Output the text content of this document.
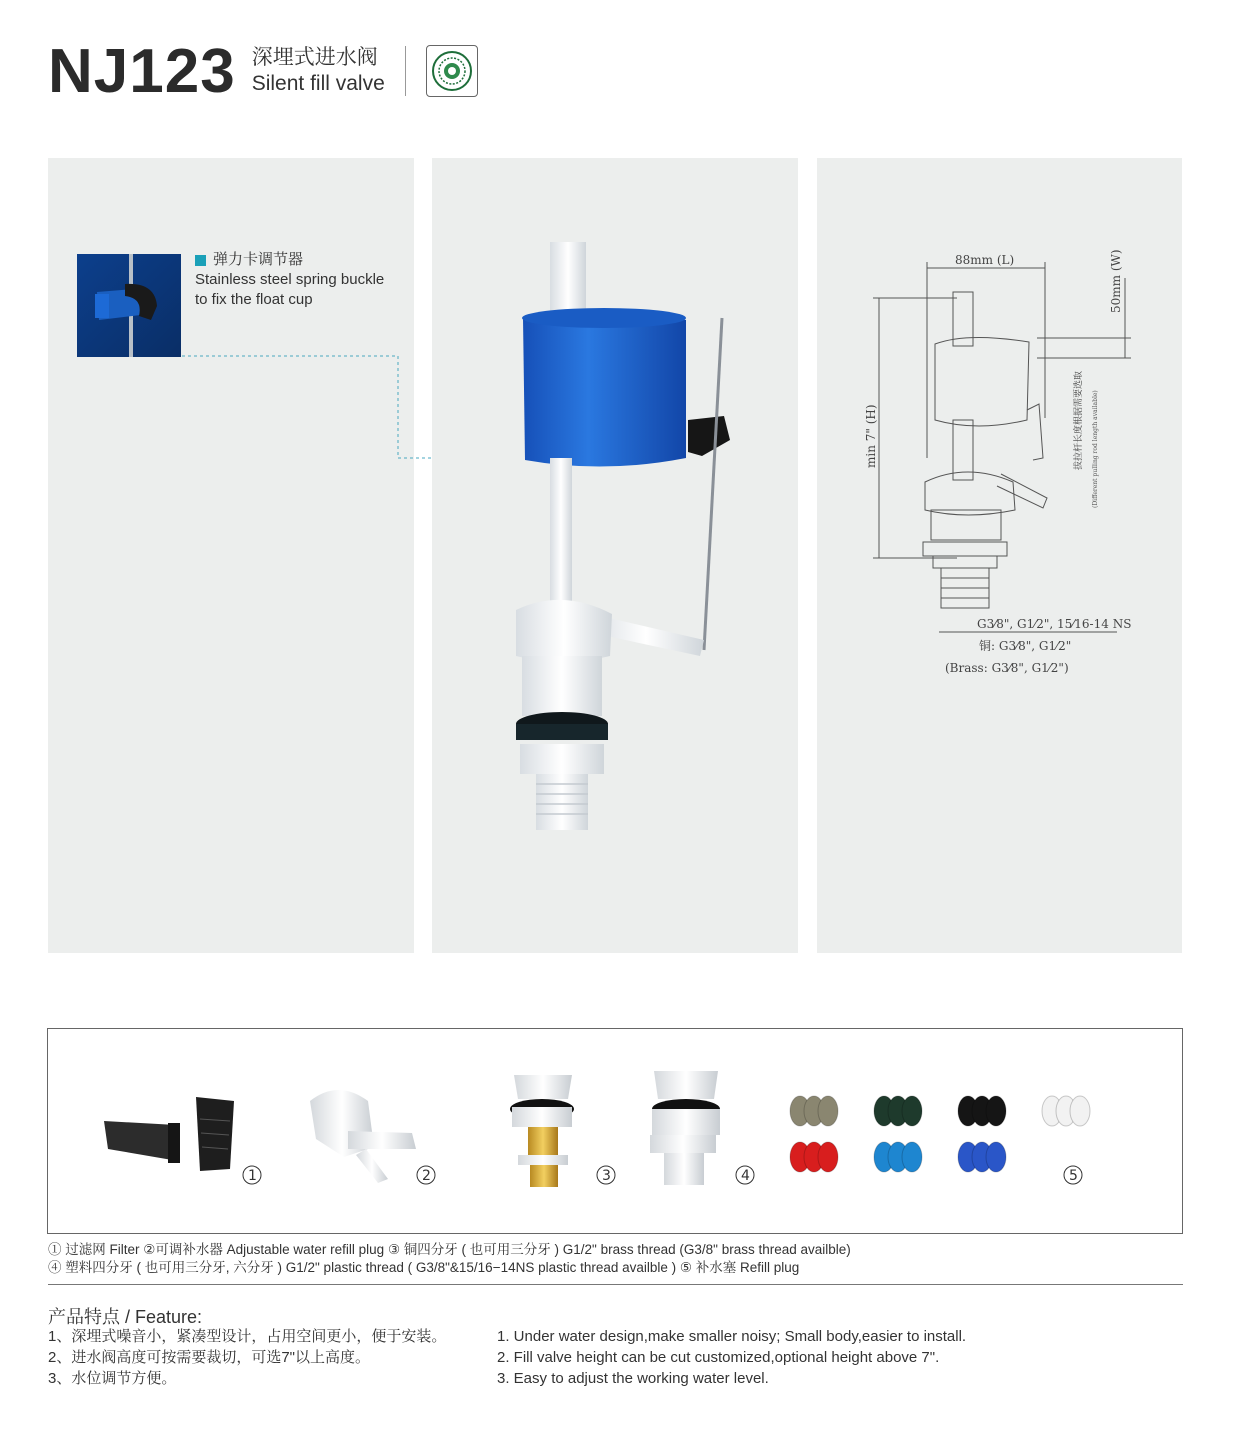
NJ123 深埋式进水阀
Silent fill valve
弹力卡调节器
Stainless steel spring buckle
to fix the float cup
88mm (L)	50mm (W)
min 7" (H)	拔拉杆长度根据需要选取 (Different pulling rod length available)
G3⁄8", G1⁄2", 15⁄16-14 NS
铜: G3⁄8", G1⁄2"
(Brass: G3⁄8", G1⁄2")
1	2	3	4	5
① 过滤网 Filter ②可调补水器 Adjustable water refill plug ③ 铜四分牙 ( 也可用三分牙 ) G1/2" brass thread (G3/8" brass thread availble)
④ 塑料四分牙 ( 也可用三分牙, 六分牙 ) G1/2" plastic thread ( G3/8"&15/16−14NS plastic thread availble ) ⑤ 补水塞 Refill plug
产品特点 / Feature:
1、深埋式噪音小，紧凑型设计，占用空间更小，便于安装。
2、进水阀高度可按需要裁切，可选7"以上高度。
3、水位调节方便。
1. Under water design,make smaller noisy; Small body,easier to install.
2. Fill valve height can be cut customized,optional height above 7".
3. Easy to adjust the working water level.
